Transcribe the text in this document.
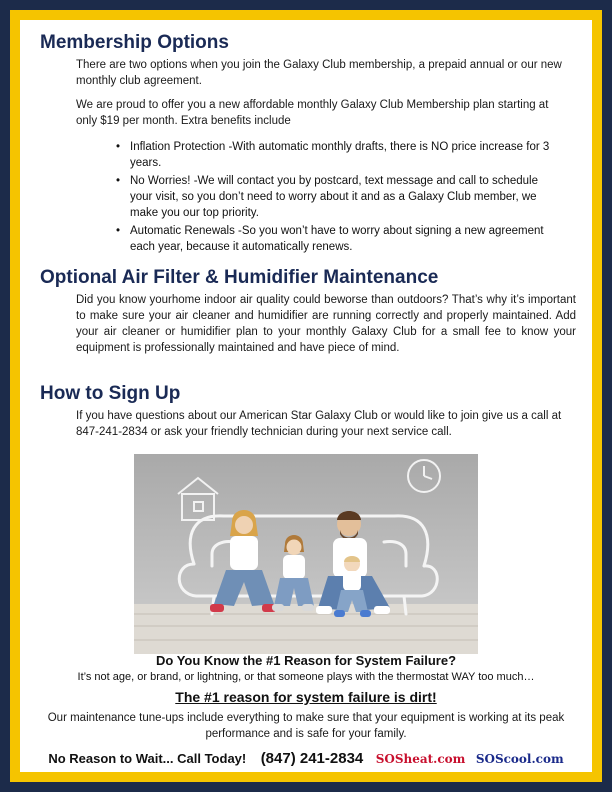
Membership Options
There are two options when you join the Galaxy Club membership, a prepaid annual or our new monthly club agreement.
We are proud to offer you a new affordable monthly Galaxy Club Membership plan starting at only $19 per month. Extra benefits include
• Inflation Protection -With automatic monthly drafts, there is NO price increase for 3 years.
• No Worries! -We will contact you by postcard, text message and call to schedule your visit, so you don’t need to worry about it and as a Galaxy Club member, we make you our top priority.
• Automatic Renewals -So you won’t have to worry about signing a new agreement each year, because it automatically renews.
Optional Air Filter & Humidifier Maintenance
Did you know yourhome indoor air quality could beworse than outdoors? That’s why it’s important to make sure your air cleaner and humidifier are running correctly and properly maintained. Add your air cleaner or humidifier plan to your monthly Galaxy Club for a small fee to know your equipment is professionally maintained and have piece of mind.
How to Sign Up
If you have questions about our American Star Galaxy Club or would like to join give us a call at 847-241-2834 or ask your friendly technician during your next service call.
Do You Know the #1 Reason for System Failure?
It’s not age, or brand, or lightning, or that someone plays with the thermostat WAY too much…
The #1 reason for system failure is dirt!
Our maintenance tune-ups include everything to make sure that your equipment is working at its peak performance and is safe for your family.
No Reason to Wait... Call Today! (847) 241-2834 SOSheat.com SOScool.com
